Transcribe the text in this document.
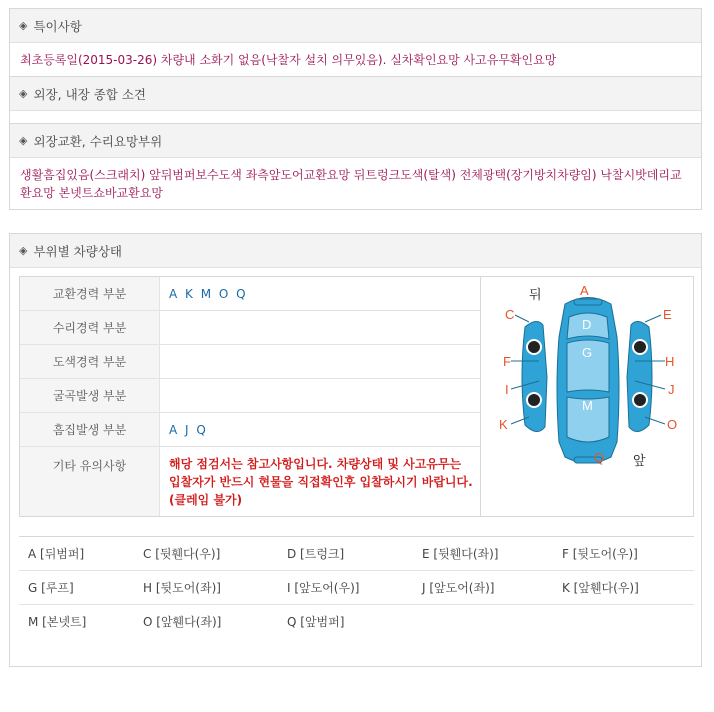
◈ 특이사항
최초등록일(2015-03-26) 차량내 소화기 없음(낙찰자 설치 의무있음). 실차확인요망 사고유무확인요망
◈ 외장, 내장 종합 소견
◈ 외장교환, 수리요망부위
생활흠집있음(스크래치) 앞뒤범퍼보수도색 좌측앞도어교환요망 뒤트렁크도색(탈색) 전체광택(장기방치차량임) 낙찰시밧데리교환요망 본넷트쇼바교환요망
◈ 부위별 차량상태
교환경력 부분	A K M O Q
수리경력 부분
도색경력 부분
굴곡발생 부분
흠집발생 부분	A J Q
기타 유의사항	해당 점검서는 참고사항입니다. 차량상태 및 사고유무는 입찰자가 반드시 현물을 직접확인후 입찰하시기 바랍니다.(클레임 불가)
A
C
D
E
F
G
H
I	J
K
M
O
Q
뒤
앞
A [뒤범퍼]	C [뒷휀다(우)]	D [트렁크]	E [뒷휀다(좌)]	F [뒷도어(우)]
G [루프]	H [뒷도어(좌)]	I [앞도어(우)]	J [앞도어(좌)]	K [앞휀다(우)]
M [본넷트]	O [앞휀다(좌)]	Q [앞범퍼]
